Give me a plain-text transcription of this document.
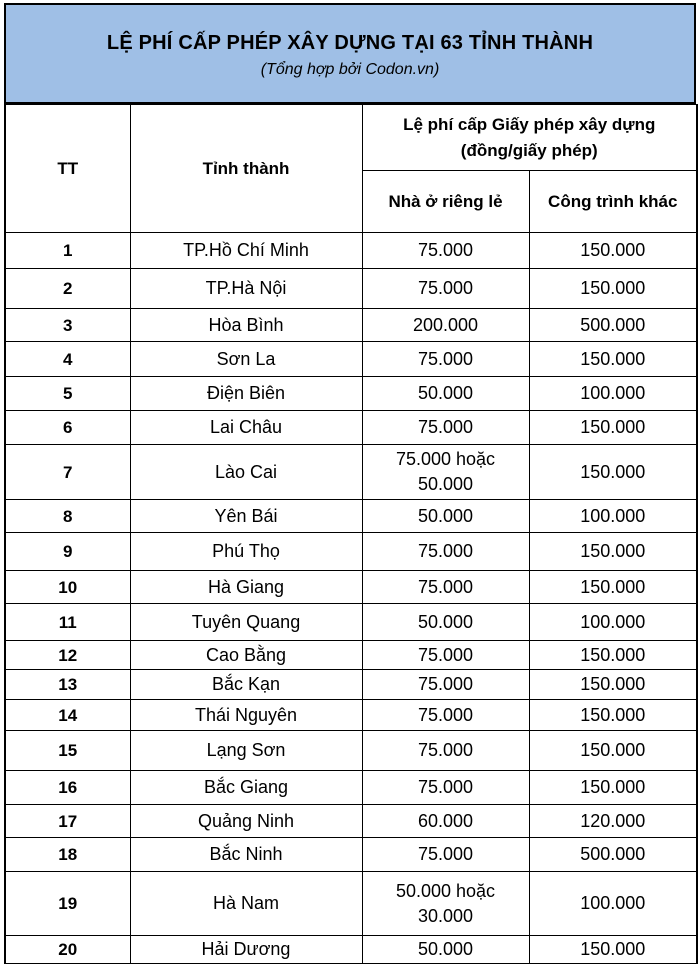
LỆ PHÍ CẤP PHÉP XÂY DỰNG TẠI 63 TỈNH THÀNH
(Tổng hợp bởi Codon.vn)
TT	Tỉnh thành	Lệ phí cấp Giấy phép xây dựng (đồng/giấy phép)	
		Nhà ở riêng lẻ	Công trình khác
1	TP.Hồ Chí Minh	75.000	150.000
2	TP.Hà Nội	75.000	150.000
3	Hòa Bình	200.000	500.000
4	Sơn La	75.000	150.000
5	Điện Biên	50.000	100.000
6	Lai Châu	75.000	150.000
7	Lào Cai	75.000 hoặc 50.000	150.000
8	Yên Bái	50.000	100.000
9	Phú Thọ	75.000	150.000
10	Hà Giang	75.000	150.000
11	Tuyên Quang	50.000	100.000
12	Cao Bằng	75.000	150.000
13	Bắc Kạn	75.000	150.000
14	Thái Nguyên	75.000	150.000
15	Lạng Sơn	75.000	150.000
16	Bắc Giang	75.000	150.000
17	Quảng Ninh	60.000	120.000
18	Bắc Ninh	75.000	500.000
19	Hà Nam	50.000 hoặc 30.000	100.000
20	Hải Dương	50.000	150.000
